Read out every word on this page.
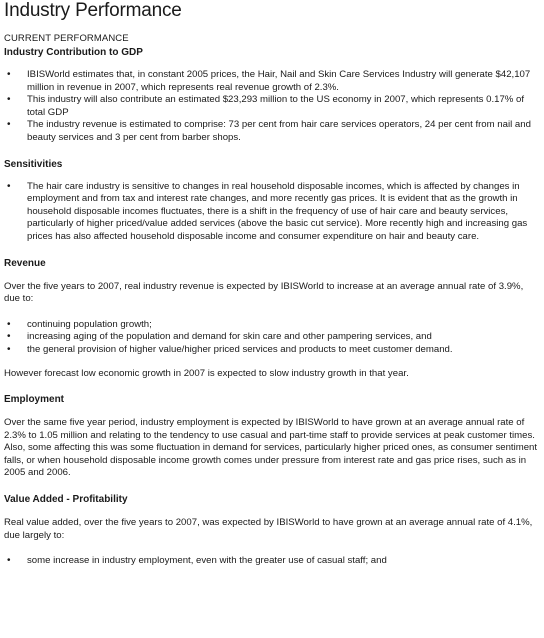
Industry Performance
CURRENT PERFORMANCE
Industry Contribution to GDP
• IBISWorld estimates that, in constant 2005 prices, the Hair, Nail and Skin Care Services Industry will generate $42,107 million in revenue in 2007, which represents real revenue growth of 2.3%.
• This industry will also contribute an estimated $23,293 million to the US economy in 2007, which represents 0.17% of total GDP
• The industry revenue is estimated to comprise: 73 per cent from hair care services operators, 24 per cent from nail and beauty services and 3 per cent from barber shops.
Sensitivities
• The hair care industry is sensitive to changes in real household disposable incomes, which is affected by changes in employment and from tax and interest rate changes, and more recently gas prices. It is evident that as the growth in household disposable incomes fluctuates, there is a shift in the frequency of use of hair care and beauty services, particularly of higher priced/value added services (above the basic cut service). More recently high and increasing gas prices has also affected household disposable income and consumer expenditure on hair and beauty care.
Revenue

Over the five years to 2007, real industry revenue is expected by IBISWorld to increase at an average annual rate of 3.9%, due to:

• continuing population growth;
• increasing aging of the population and demand for skin care and other pampering services, and
• the general provision of higher value/higher priced services and products to meet customer demand.

However forecast low economic growth in 2007 is expected to slow industry growth in that year.

Employment

Over the same five year period, industry employment is expected by IBISWorld to have grown at an average annual rate of 2.3% to 1.05 million and relating to the tendency to use casual and part-time staff to provide services at peak customer times. Also, some affecting this was some fluctuation in demand for services, particularly higher priced ones, as consumer sentiment falls, or when household disposable income growth comes under pressure from interest rate and gas price rises, such as in 2005 and 2006.

Value Added - Profitability

Real value added, over the five years to 2007, was expected by IBISWorld to have grown at an average annual rate of 4.1%, due largely to:

• some increase in industry employment, even with the greater use of casual staff; and
